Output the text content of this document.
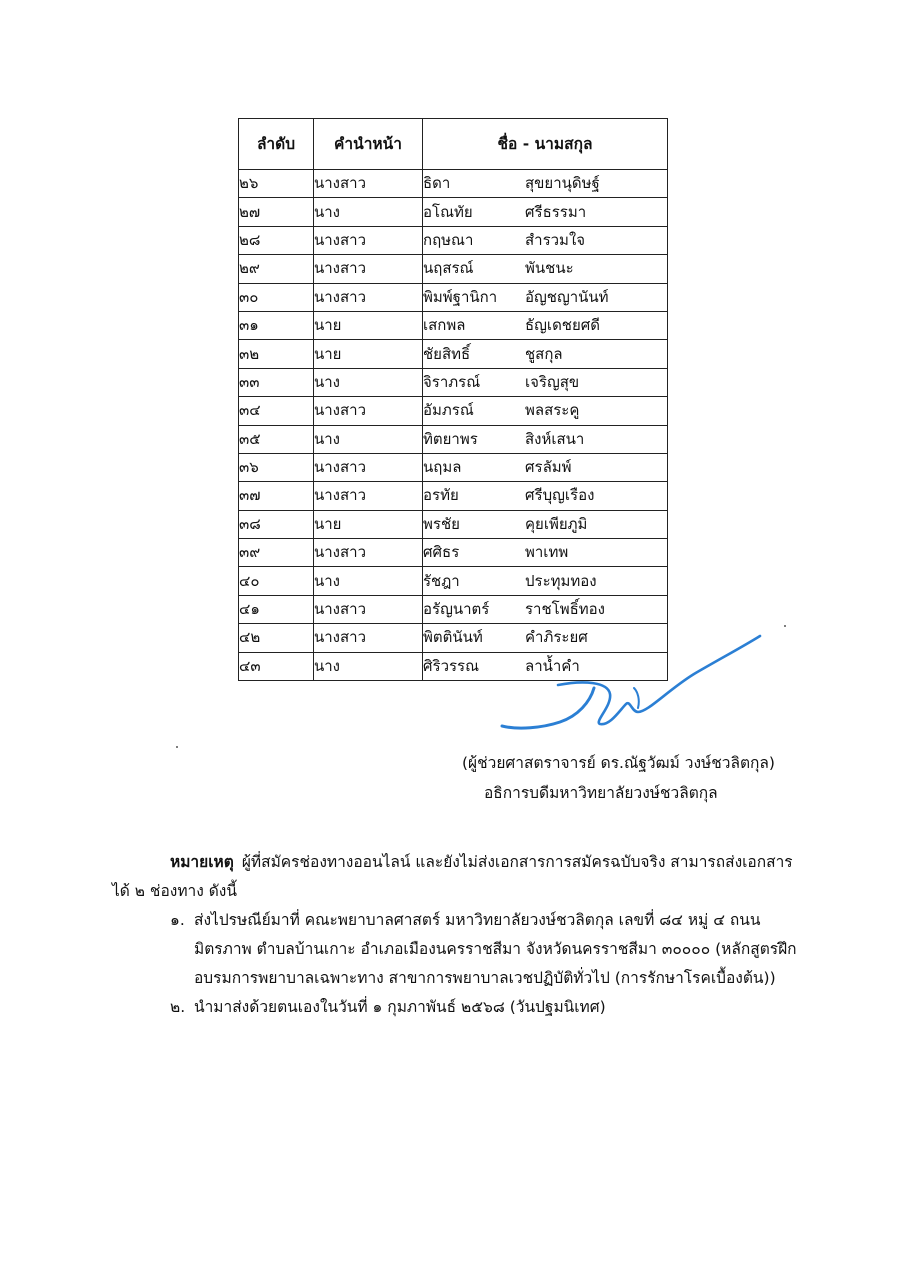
ลำดับ	คำนำหน้า	ชื่อ - นามสกุล
๒๖	นางสาว	ธิดา สุขยานุดิษฐ์

๒๗	นาง	อโณทัย ศรีธรรมา

๒๘	นางสาว	กฤษณา สำรวมใจ

๒๙	นางสาว	นฤสรณ์ พันชนะ

๓๐	นางสาว	พิมพ์ฐานิกา อัญชญานันท์

๓๑	นาย	เสกพล ธัญเดชยศดี

๓๒	นาย	ชัยสิทธิ์ ชูสกุล

๓๓	นาง	จิราภรณ์ เจริญสุข

๓๔	นางสาว	อัมภรณ์ พลสระคู

๓๕	นาง	ทิตยาพร สิงห์เสนา

๓๖	นางสาว	นฤมล ศรลัมพ์

๓๗	นางสาว	อรทัย ศรีบุญเรือง

๓๘	นาย	พรชัย คุยเพียภูมิ

๓๙	นางสาว	ศศิธร พาเทพ

๔๐	นาง	รัชฎา ประทุมทอง

๔๑	นางสาว	อรัญนาตร์ ราชโพธิ์ทอง

๔๒	นางสาว	พิตตินันท์ คำภิระยศ

๔๓	นาง	ศิริวรรณ ลาน้ำคำ
(ผู้ช่วยศาสตราจารย์ ดร.ณัฐวัฒม์ วงษ์ชวลิตกุล)
อธิการบดีมหาวิทยาลัยวงษ์ชวลิตกุล
หมายเหตุ ผู้ที่สมัครช่องทางออนไลน์ และยังไม่ส่งเอกสารการสมัครฉบับจริง สามารถส่งเอกสารได้ ๒ ช่องทาง ดังนี้
๑. ส่งไปรษณีย์มาที่ คณะพยาบาลศาสตร์ มหาวิทยาลัยวงษ์ชวลิตกุล เลขที่ ๘๔ หมู่ ๔ ถนนมิตรภาพ ตำบลบ้านเกาะ อำเภอเมืองนครราชสีมา จังหวัดนครราชสีมา ๓๐๐๐๐ (หลักสูตรฝึกอบรมการพยาบาลเฉพาะทาง สาขาการพยาบาลเวชปฏิบัติทั่วไป (การรักษาโรคเบื้องต้น))
๒. นำมาส่งด้วยตนเองในวันที่ ๑ กุมภาพันธ์ ๒๕๖๘ (วันปฐมนิเทศ)
